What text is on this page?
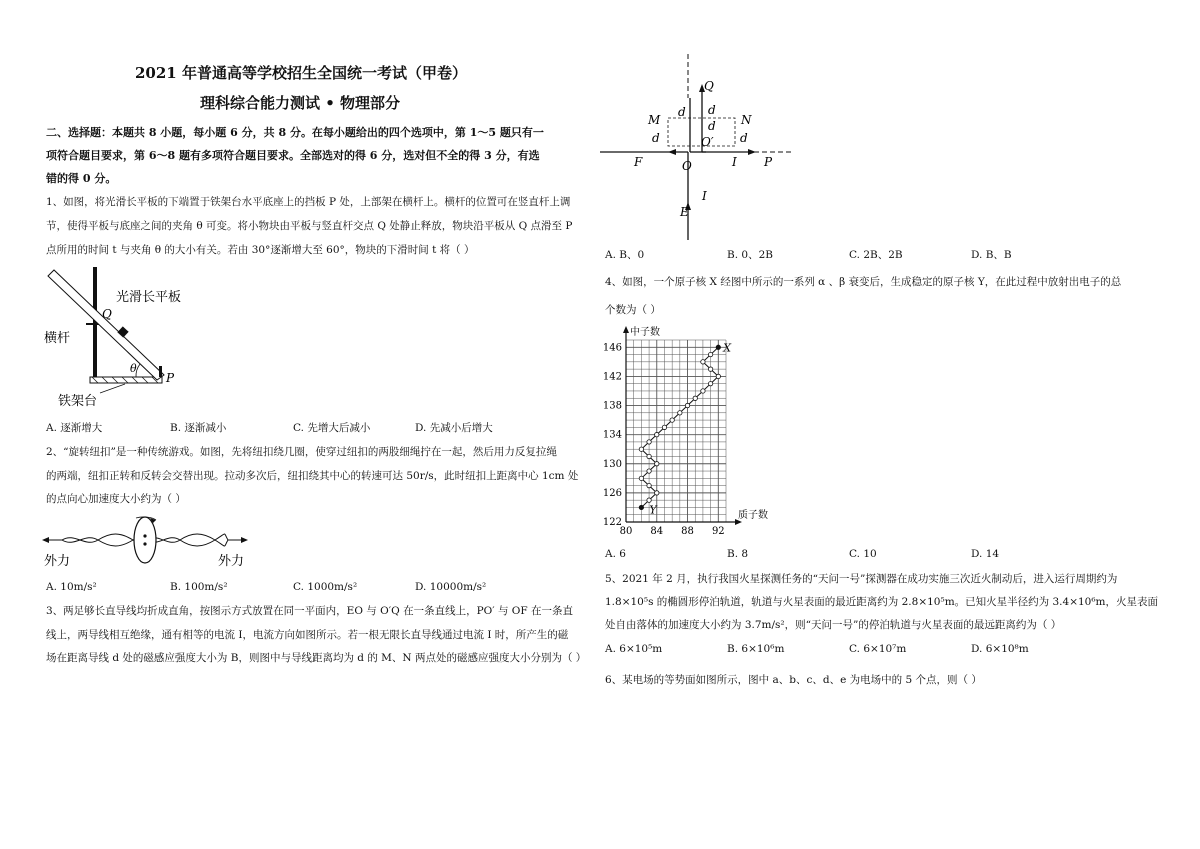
2021 年普通高等学校招生全国统一考试（甲卷）
理科综合能力测试 • 物理部分
二、选择题：本题共 8 小题，每小题 6 分，共 8 分。在每小题给出的四个选项中，第 1～5 题只有一
项符合题目要求，第 6～8 题有多项符合题目要求。全部选对的得 6 分，选对但不全的得 3 分，有选
错的得 0 分。
1、如图，将光滑长平板的下端置于铁架台水平底座上的挡板 P 处，上部架在横杆上。横杆的位置可在竖直杆上调
节，使得平板与底座之间的夹角 θ 可变。将小物块由平板与竖直杆交点 Q 处静止释放，物块沿平板从 Q 点滑至 P
点所用的时间 t 与夹角 θ 的大小有关。若由 30°逐渐增大至 60°，物块的下滑时间 t 将（ ）
光滑长平板
横杆
Q
P
θ
铁架台
A. 逐渐增大	B. 逐渐减小	C. 先增大后减小	D. 先减小后增大
2、“旋转纽扣”是一种传统游戏。如图，先将纽扣绕几圈，使穿过纽扣的两股细绳拧在一起，然后用力反复拉绳
的两端，纽扣正转和反转会交替出现。拉动多次后，纽扣绕其中心的转速可达 50r/s，此时纽扣上距离中心 1cm 处
的点向心加速度大小约为（ ）
外力	外力
A. 10m/s²	B. 100m/s²	C. 1000m/s²	D. 10000m/s²
3、两足够长直导线均折成直角，按图示方式放置在同一平面内，EO 与 O′Q 在一条直线上，PO′ 与 OF 在一条直
线上，两导线相互绝缘，通有相等的电流 I，电流方向如图所示。若一根无限长直导线通过电流 I 时，所产生的磁
场在距离导线 d 处的磁感应强度大小为 B，则图中与导线距离均为 d 的 M、N 两点处的磁感应强度大小分别为（ ）
Q
M	N
d d
d
d	d
O′
F	O	I P
I
E
A. B、0	B. 0、2B	C. 2B、2B	D. B、B
4、如图，一个原子核 X 经图中所示的一系列 α 、β 衰变后，生成稳定的原子核 Y，在此过程中放射出电子的总
个数为（ ）
122
126
130
134
138
142
146
80 84 88 92
中子数
质子数
X
Y
A. 6	B. 8	C. 10	D. 14
5、2021 年 2 月，执行我国火星探测任务的“天问一号”探测器在成功实施三次近火制动后，进入运行周期约为
1.8×10⁵s 的椭圆形停泊轨道，轨道与火星表面的最近距离约为 2.8×10⁵m。已知火星半径约为 3.4×10⁶m，火星表面
处自由落体的加速度大小约为 3.7m/s²，则“天问一号”的停泊轨道与火星表面的最远距离约为（ ）
A. 6×10⁵m	B. 6×10⁶m	C. 6×10⁷m	D. 6×10⁸m
6、某电场的等势面如图所示，图中 a、b、c、d、e 为电场中的 5 个点，则（ ）
